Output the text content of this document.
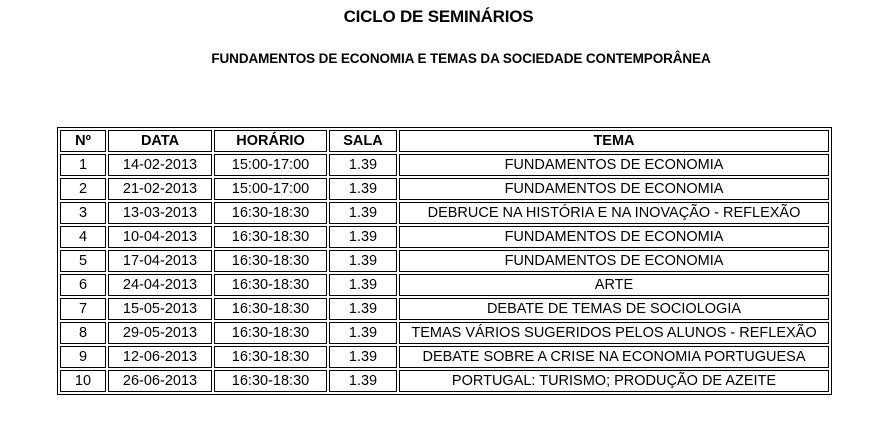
CICLO DE SEMINÁRIOS
FUNDAMENTOS DE ECONOMIA E TEMAS DA SOCIEDADE CONTEMPORÂNEA
Nº	DATA	HORÁRIO	SALA	TEMA
1	14-02-2013	15:00-17:00	1.39	FUNDAMENTOS DE ECONOMIA
2	21-02-2013	15:00-17:00	1.39	FUNDAMENTOS DE ECONOMIA
3	13-03-2013	16:30-18:30	1.39	DEBRUCE NA HISTÓRIA E NA INOVAÇÃO - REFLEXÃO
4	10-04-2013	16:30-18:30	1.39	FUNDAMENTOS DE ECONOMIA
5	17-04-2013	16:30-18:30	1.39	FUNDAMENTOS DE ECONOMIA
6	24-04-2013	16:30-18:30	1.39	ARTE
7	15-05-2013	16:30-18:30	1.39	DEBATE DE TEMAS DE SOCIOLOGIA
8	29-05-2013	16:30-18:30	1.39	TEMAS VÁRIOS SUGERIDOS PELOS ALUNOS - REFLEXÃO
9	12-06-2013	16:30-18:30	1.39	DEBATE SOBRE A CRISE NA ECONOMIA PORTUGUESA
10	26-06-2013	16:30-18:30	1.39	PORTUGAL: TURISMO; PRODUÇÃO DE AZEITE
